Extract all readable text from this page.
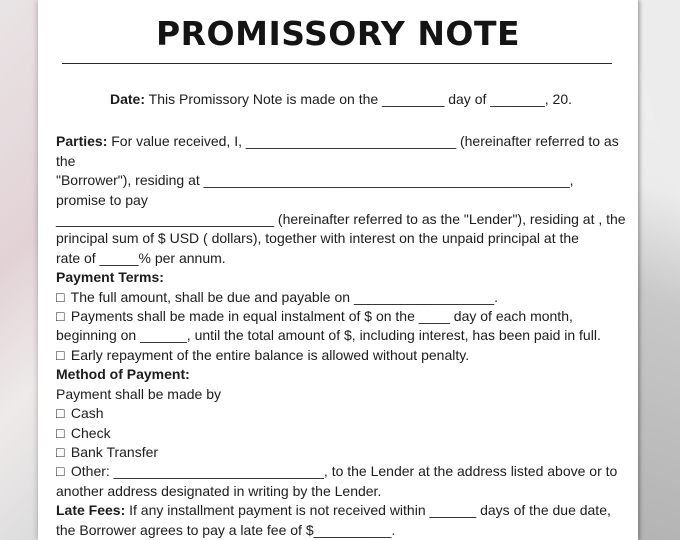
PROMISSORY NOTE

Date: This Promissory Note is made on the ________ day of _______, 20.

Parties: For value received, I, ___________________________ (hereinafter referred to as the
"Borrower"), residing at _______________________________________________, promise to pay
____________________________ (hereinafter referred to as the "Lender"), residing at , the
principal sum of $ USD ( dollars), together with interest on the unpaid principal at the
rate of _____% per annum.

Payment Terms:
□ The full amount, shall be due and payable on __________________.
□ Payments shall be made in equal instalment of $ on the ____ day of each month,
beginning on ______, until the total amount of $, including interest, has been paid in full.
□ Early repayment of the entire balance is allowed without penalty.

Method of Payment:
Payment shall be made by
□ Cash
□ Check
□ Bank Transfer
□ Other: ___________________________, to the Lender at the address listed above or to
another address designated in writing by the Lender.

Late Fees: If any installment payment is not received within ______ days of the due date,
the Borrower agrees to pay a late fee of $__________.
